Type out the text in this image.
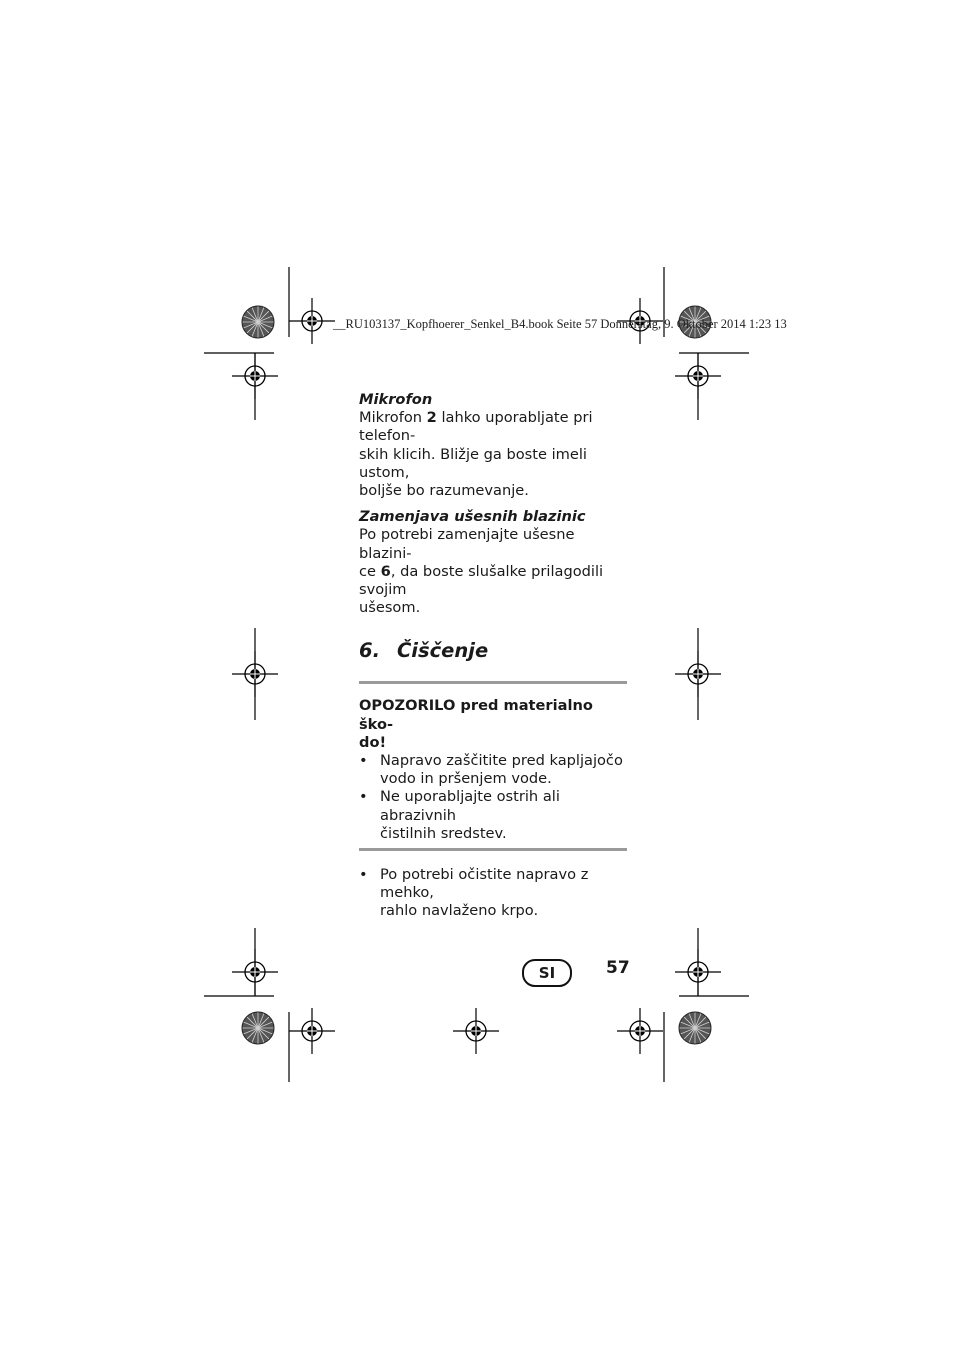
__RU103137_Kopfhoerer_Senkel_B4.book Seite 57 Donnerstag, 9. Oktober 2014 1:23 13
Mikrofon

Mikrofon 2 lahko uporabljate pri telefon-
skih klicih. Bližje ga boste imeli ustom,
boljše bo razumevanje.

Zamenjava ušesnih blazinic

Po potrebi zamenjajte ušesne blazini-
ce 6, da boste slušalke prilagodili svojim
ušesom.

6. Čiščenje

OPOZORILO pred materialno ško-
do!

• Napravo zaščitite pred kapljajočo
vodo in pršenjem vode.
• Ne uporabljajte ostrih ali abrazivnih
čistilnih sredstev.
• Po potrebi očistite napravo z mehko,
rahlo navlaženo krpo.
SI	57
